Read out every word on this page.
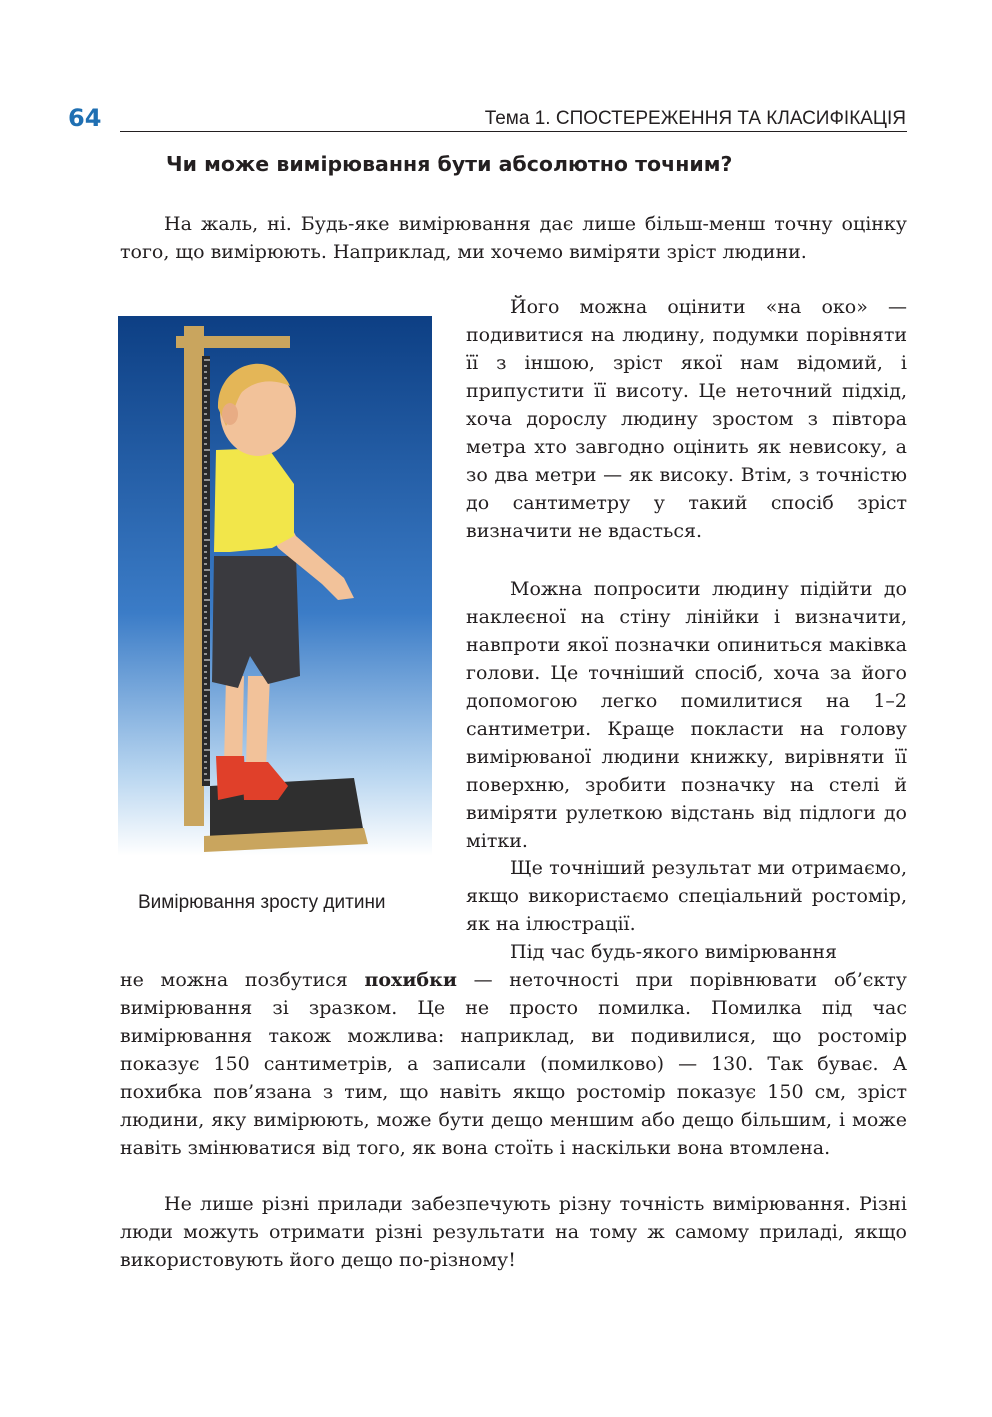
64	Тема 1. СПОСТЕРЕЖЕННЯ ТА КЛАСИФІКАЦІЯ
Чи може вимірювання бути абсолютно точним?

На жаль, ні. Будь-яке вимірювання дає лише більш-менш точну оцінку того, що вимірюють. Наприклад, ми хочемо виміряти зріст людини.

Вимірювання зросту дитини

Його можна оцінити «на око» — подивитися на людину, подумки порівняти її з іншою, зріст якої нам відомий, і припустити її висоту. Це неточний підхід, хоча дорослу людину зростом з півтора метра хто завгодно оцінить як невисоку, а зо два метри — як високу. Втім, з точністю до сантиметру у такий спосіб зріст визначити не вдасться.

Можна попросити людину підійти до наклеєної на стіну лінійки і визначити, навпроти якої позначки опиниться маківка голови. Це точніший спосіб, хоча за його допомогою легко помилитися на 1–2 сантиметри. Краще покласти на голову вимірюваної людини книжку, вирівняти її поверхню, зробити позначку на стелі й виміряти рулеткою відстань від підлоги до мітки.

Ще точніший результат ми отримаємо, якщо використаємо спеціальний ростомір, як на ілюстрації.

Під час будь-якого вимірювання
не можна позбутися похибки — неточності при порівнювати об’єкту вимірювання зі зразком. Це не просто помилка. Помилка під час вимірювання також можлива: наприклад, ви подивилися, що ростомір показує 150 сантиметрів, а записали (помилково) — 130. Так буває. А похибка пов’язана з тим, що навіть якщо ростомір показує 150 см, зріст людини, яку вимірюють, може бути дещо меншим або дещо більшим, і може навіть змінюватися від того, як вона стоїть і наскільки вона втомлена.

Не лише різні прилади забезпечують різну точність вимірювання. Різні люди можуть отримати різні результати на тому ж самому приладі, якщо використовують його дещо по-різному!
